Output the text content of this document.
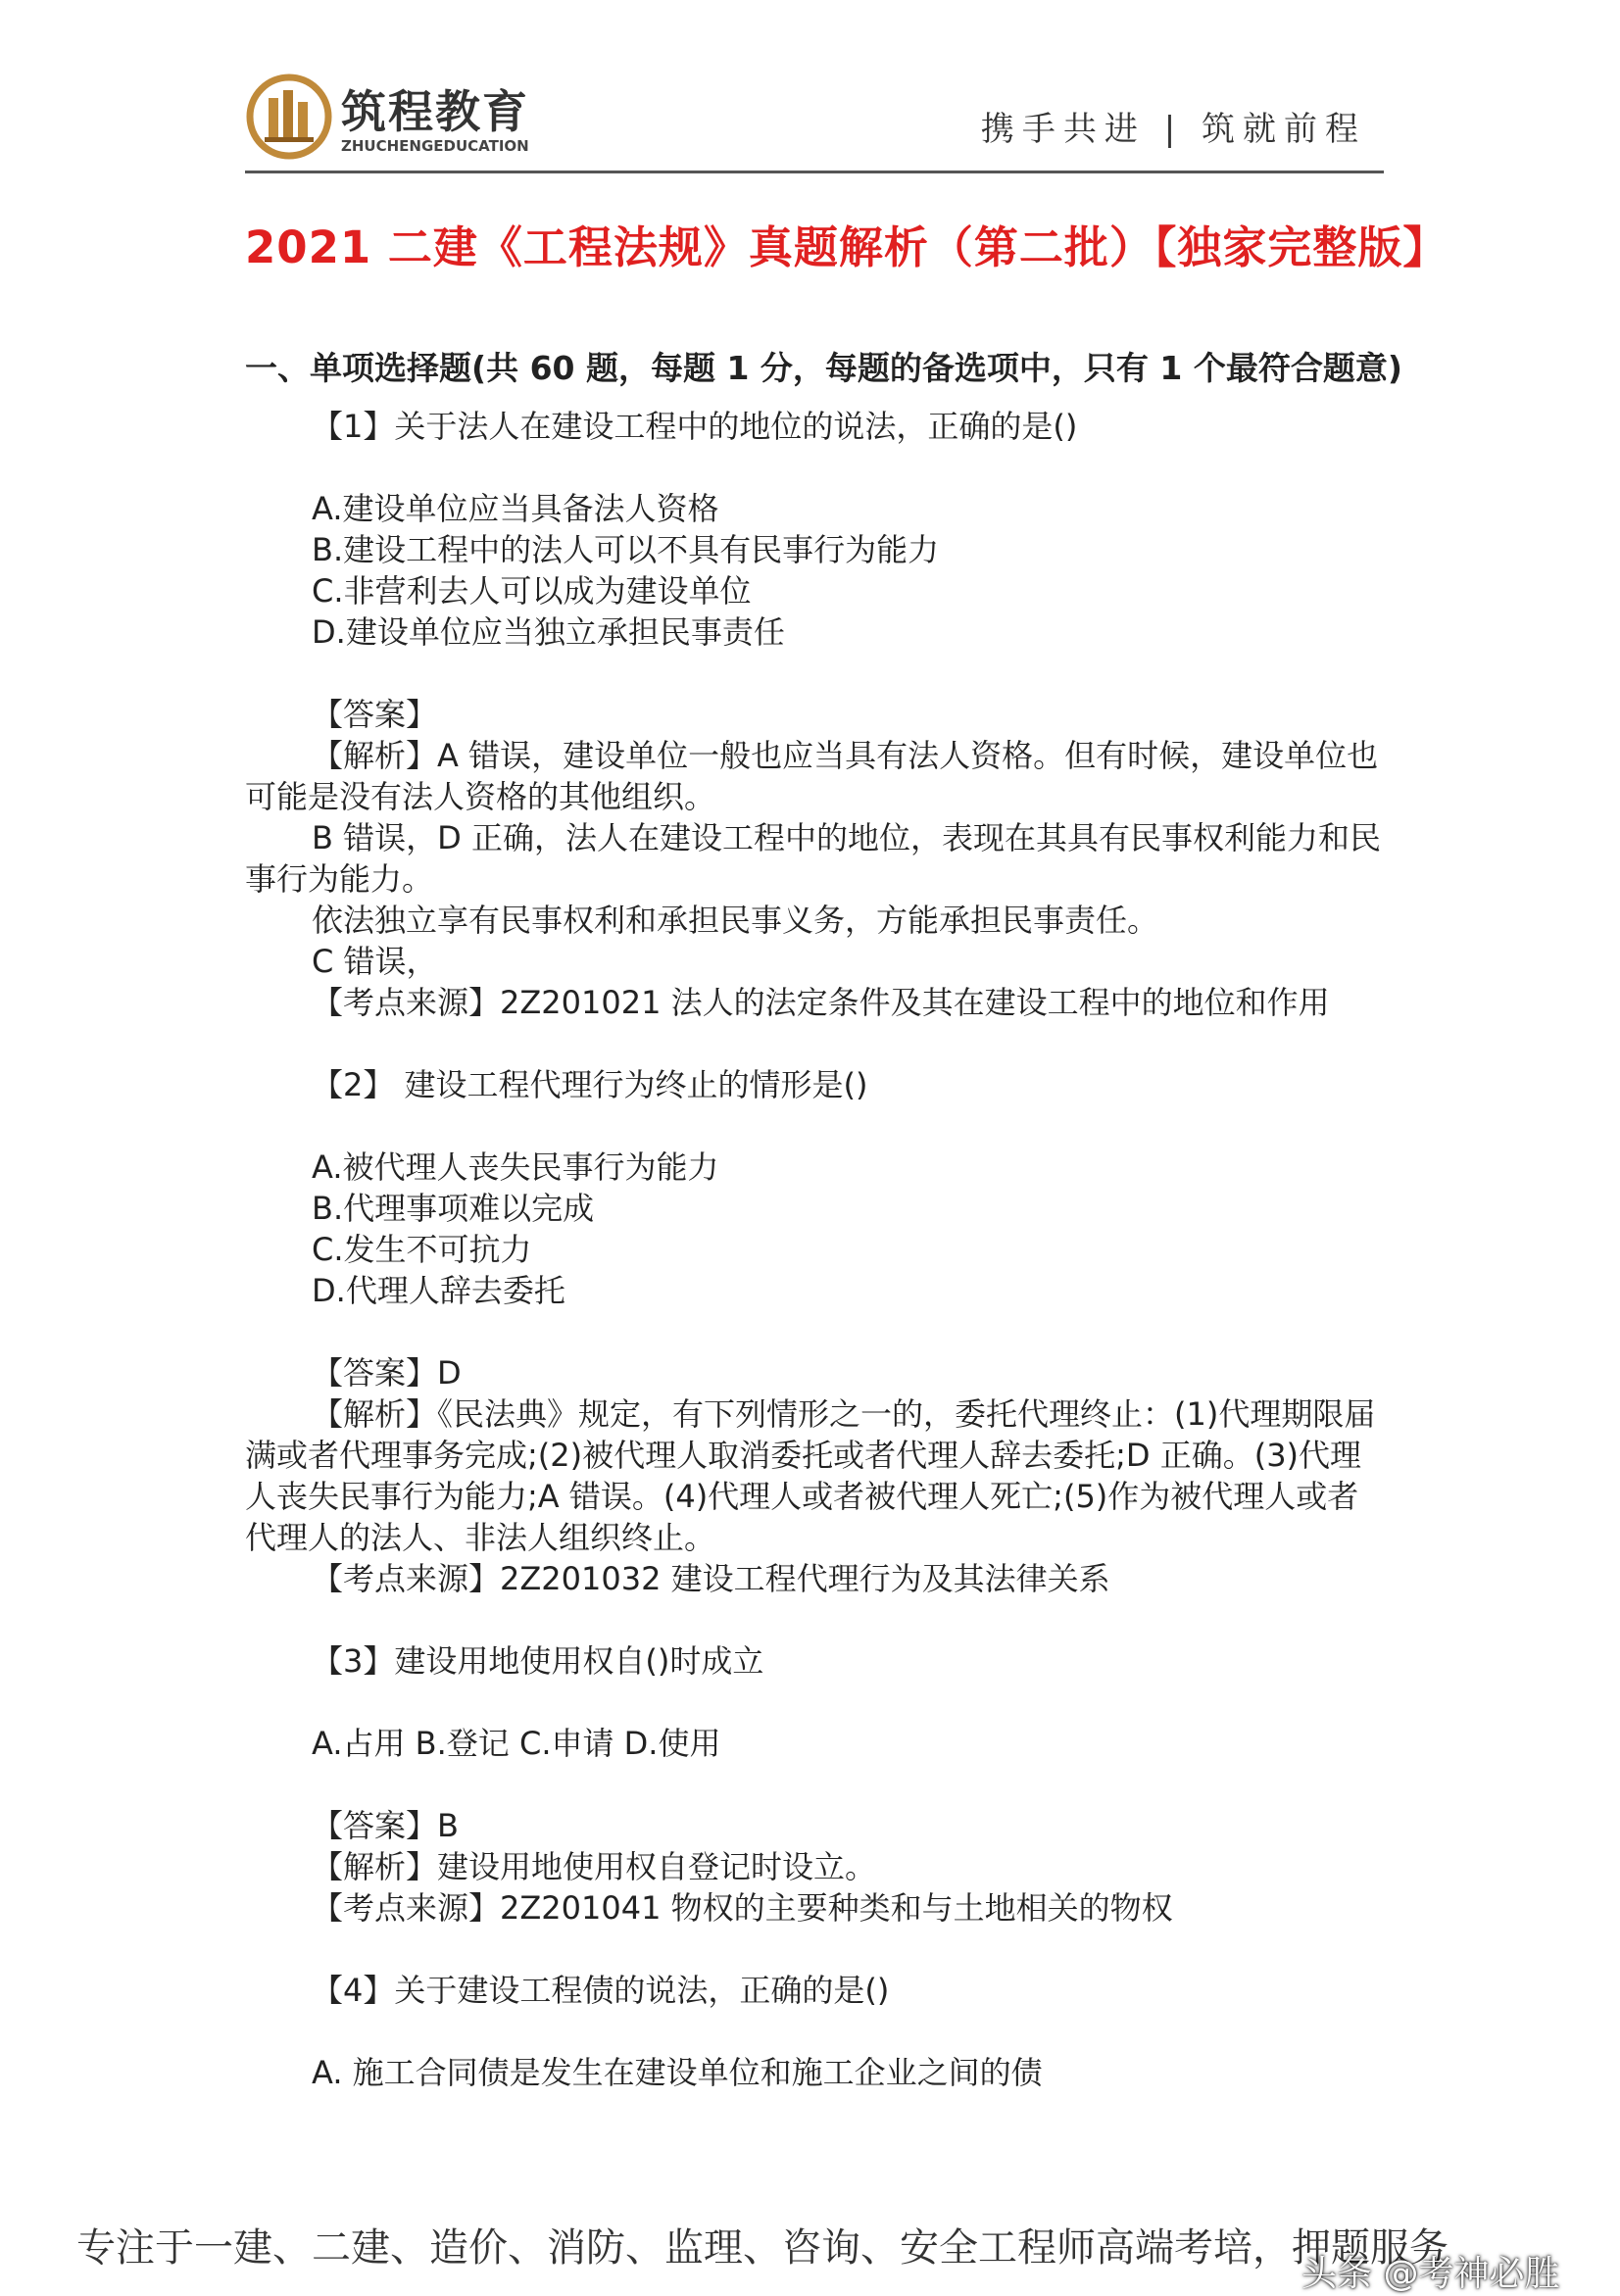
筑程教育
ZHUCHENGEDUCATION	携手共进 | 筑就前程
2021 二建《工程法规》真题解析（第二批）【独家完整版】
一、单项选择题(共 60 题，每题 1 分，每题的备选项中，只有 1 个最符合题意)
【1】关于法人在建设工程中的地位的说法，正确的是()
A.建设单位应当具备法人资格
B.建设工程中的法人可以不具有民事行为能力
C.非营利去人可以成为建设单位
D.建设单位应当独立承担民事责任
【答案】
【解析】A 错误，建设单位一般也应当具有法人资格。但有时候，建设单位也可能是没有法人资格的其他组织。
B 错误，D 正确，法人在建设工程中的地位，表现在其具有民事权利能力和民事行为能力。
依法独立享有民事权利和承担民事义务，方能承担民事责任。
C 错误，
【考点来源】2Z201021 法人的法定条件及其在建设工程中的地位和作用
【2】 建设工程代理行为终止的情形是()
A.被代理人丧失民事行为能力
B.代理事项难以完成
C.发生不可抗力
D.代理人辞去委托
【答案】D
【解析】《民法典》规定，有下列情形之一的，委托代理终止：(1)代理期限届满或者代理事务完成;(2)被代理人取消委托或者代理人辞去委托;D 正确。(3)代理人丧失民事行为能力;A 错误。(4)代理人或者被代理人死亡;(5)作为被代理人或者代理人的法人、非法人组织终止。
【考点来源】2Z201032 建设工程代理行为及其法律关系
【3】建设用地使用权自()时成立
A.占用 B.登记 C.申请 D.使用
【答案】B
【解析】建设用地使用权自登记时设立。
【考点来源】2Z201041 物权的主要种类和与土地相关的物权
【4】关于建设工程债的说法，正确的是()
A. 施工合同债是发生在建设单位和施工企业之间的债
专注于一建、二建、造价、消防、监理、咨询、安全工程师高端考培，押题服务
头条 @考神必胜
